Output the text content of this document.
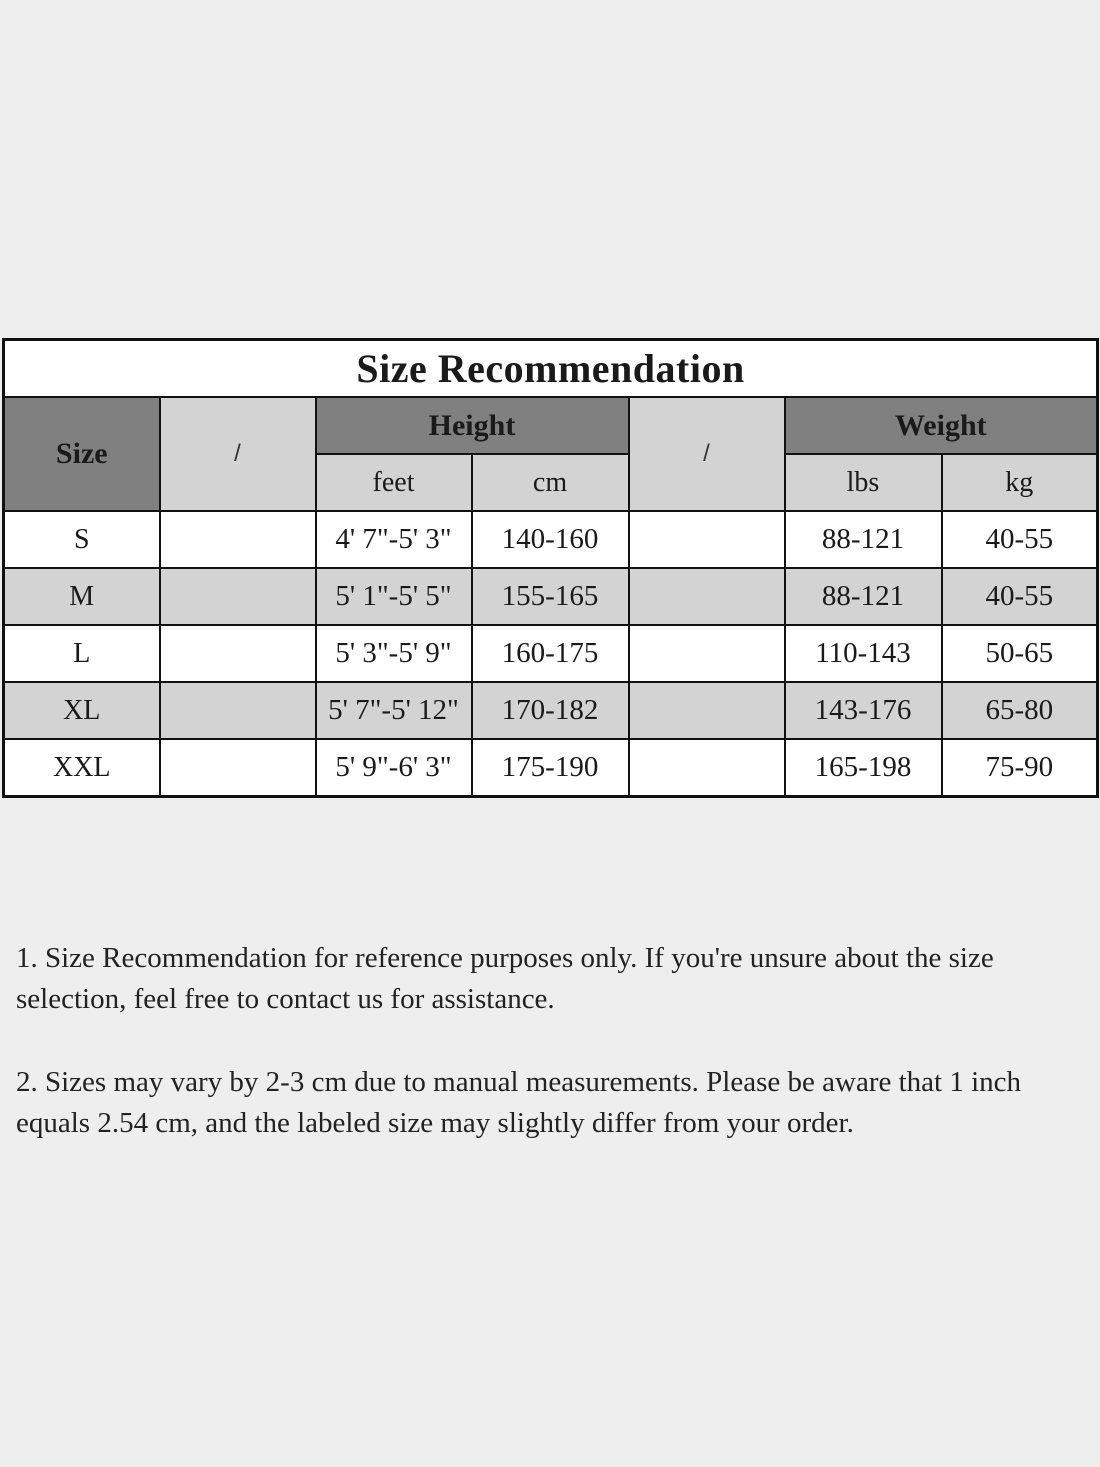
Size Recommendation						
Size	/	Height		/	Weight	
		feet	cm		lbs	kg
S		4' 7"-5' 3"	140-160		88-121	40-55
M		5' 1"-5' 5"	155-165		88-121	40-55
L		5' 3"-5' 9"	160-175		110-143	50-65
XL		5' 7"-5' 12"	170-182		143-176	65-80
XXL		5' 9"-6' 3"	175-190		165-198	75-90

1. Size Recommendation for reference purposes only. If you're unsure about the size selection, feel free to contact us for assistance.

2. Sizes may vary by 2-3 cm due to manual measurements. Please be aware that 1 inch equals 2.54 cm, and the labeled size may slightly differ from your order.
